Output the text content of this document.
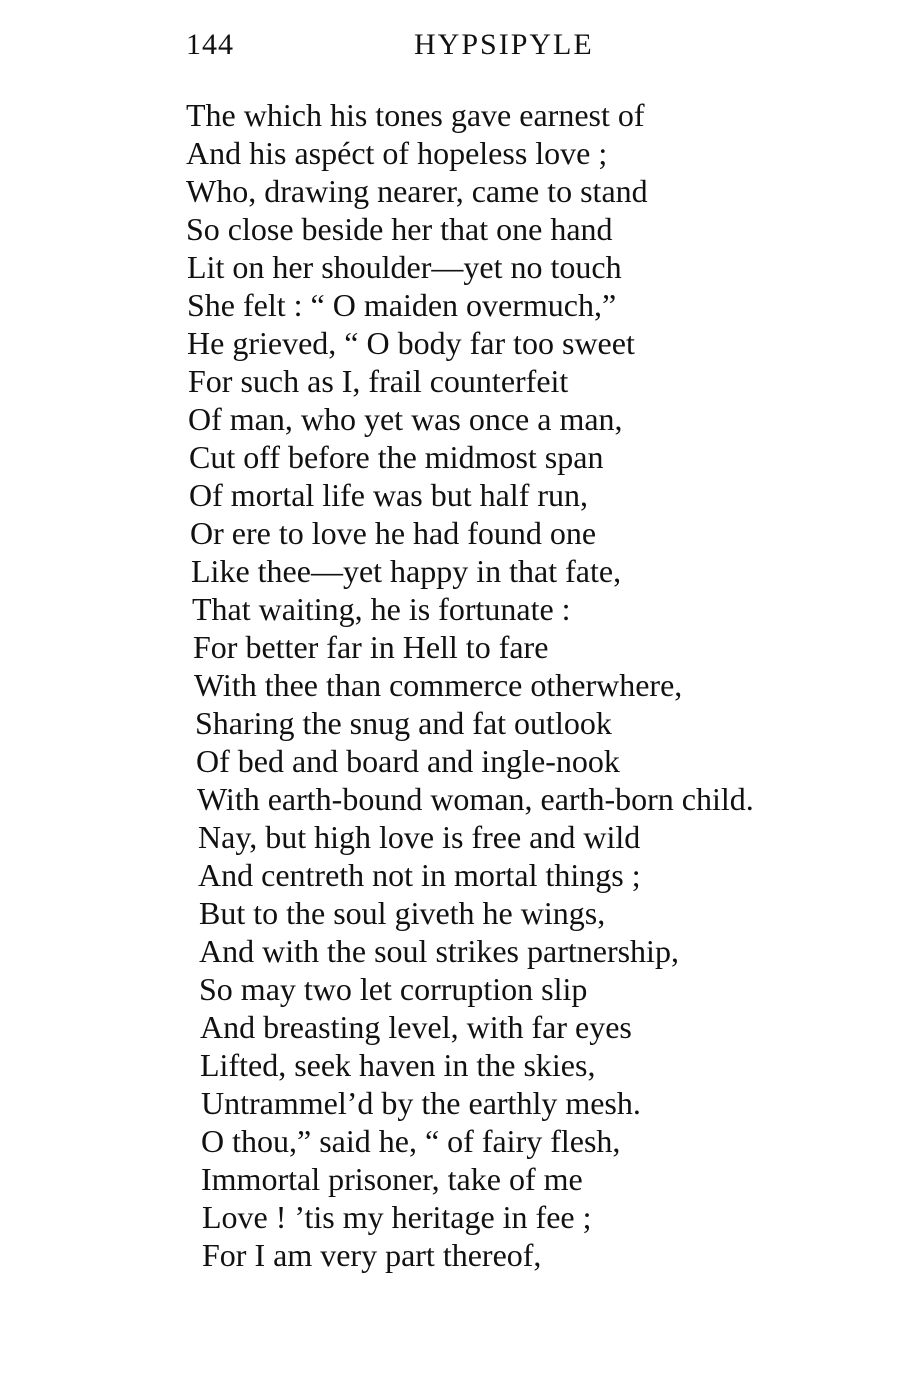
144	HYPSIPYLE
The which his tones gave earnest of
And his aspéct of hopeless love ;
Who, drawing nearer, came to stand
So close beside her that one hand
Lit on her shoulder—yet no touch
She felt : “ O maiden overmuch,”
He grieved, “ O body far too sweet
For such as I, frail counterfeit
Of man, who yet was once a man,
Cut off before the midmost span
Of mortal life was but half run,
Or ere to love he had found one
Like thee—yet happy in that fate,
That waiting, he is fortunate :
For better far in Hell to fare
With thee than commerce otherwhere,
Sharing the snug and fat outlook
Of bed and board and ingle-nook
With earth-bound woman, earth-born child.
Nay, but high love is free and wild
And centreth not in mortal things ;
But to the soul giveth he wings,
And with the soul strikes partnership,
So may two let corruption slip
And breasting level, with far eyes
Lifted, seek haven in the skies,
Untrammel’d by the earthly mesh.
O thou,” said he, “ of fairy flesh,
Immortal prisoner, take of me
Love ! ’tis my heritage in fee ;
For I am very part thereof,
